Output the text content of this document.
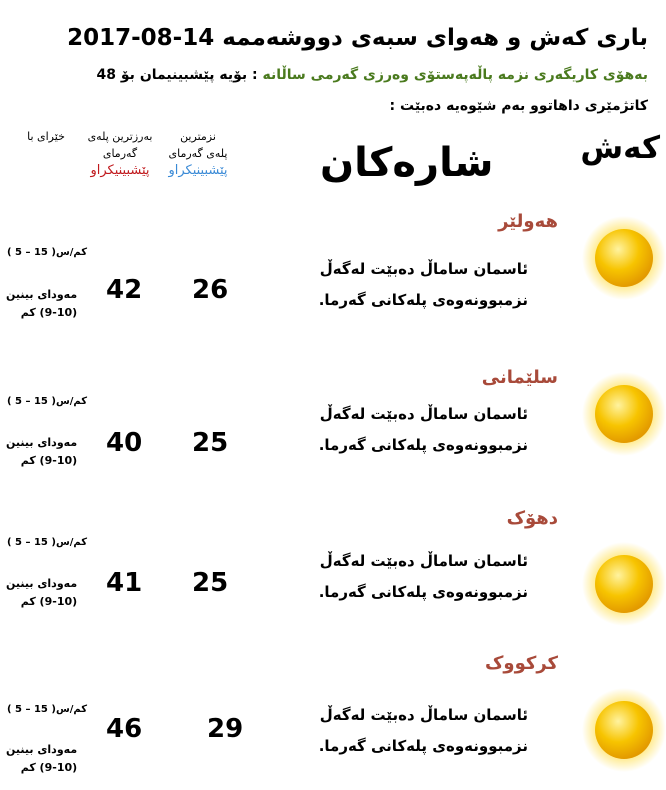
باری کەش و هەوای سبەی دووشەممە 14-08-2017
بەهۆی کاریگەری نزمە پاڵەپەستۆی وەرزی گەرمی ساڵانە : بۆیە پێشبینیمان بۆ 48
کاتژمێری داهاتوو بەم شێوەیە دەبێت :
کەش
شارەکان
نزمترین پلەی گەرمای
پێشبینیکراو
بەرزترین پلەی گەرمای
پێشبینیکراو
خێرای با
هەولێر
ئاسمان ساماڵ دەبێت لەگەڵ
نزمبوونەوەی پلەکانی گەرما.
26
42
( 5 – 15 )کم/س
مەودای بینین
(9-10) کم
سلێمانی
ئاسمان ساماڵ دەبێت لەگەڵ
نزمبوونەوەی پلەکانی گەرما.
25
40
( 5 – 15 )کم/س
مەودای بینین
(9-10) کم
دهۆک
ئاسمان ساماڵ دەبێت لەگەڵ
نزمبوونەوەی پلەکانی گەرما.
25
41
( 5 – 15 )کم/س
مەودای بینین
(9-10) کم
کرکووک
ئاسمان ساماڵ دەبێت لەگەڵ
نزمبوونەوەی پلەکانی گەرما.
29
46
( 5 – 15 )کم/س
مەودای بینین
(9-10) کم
